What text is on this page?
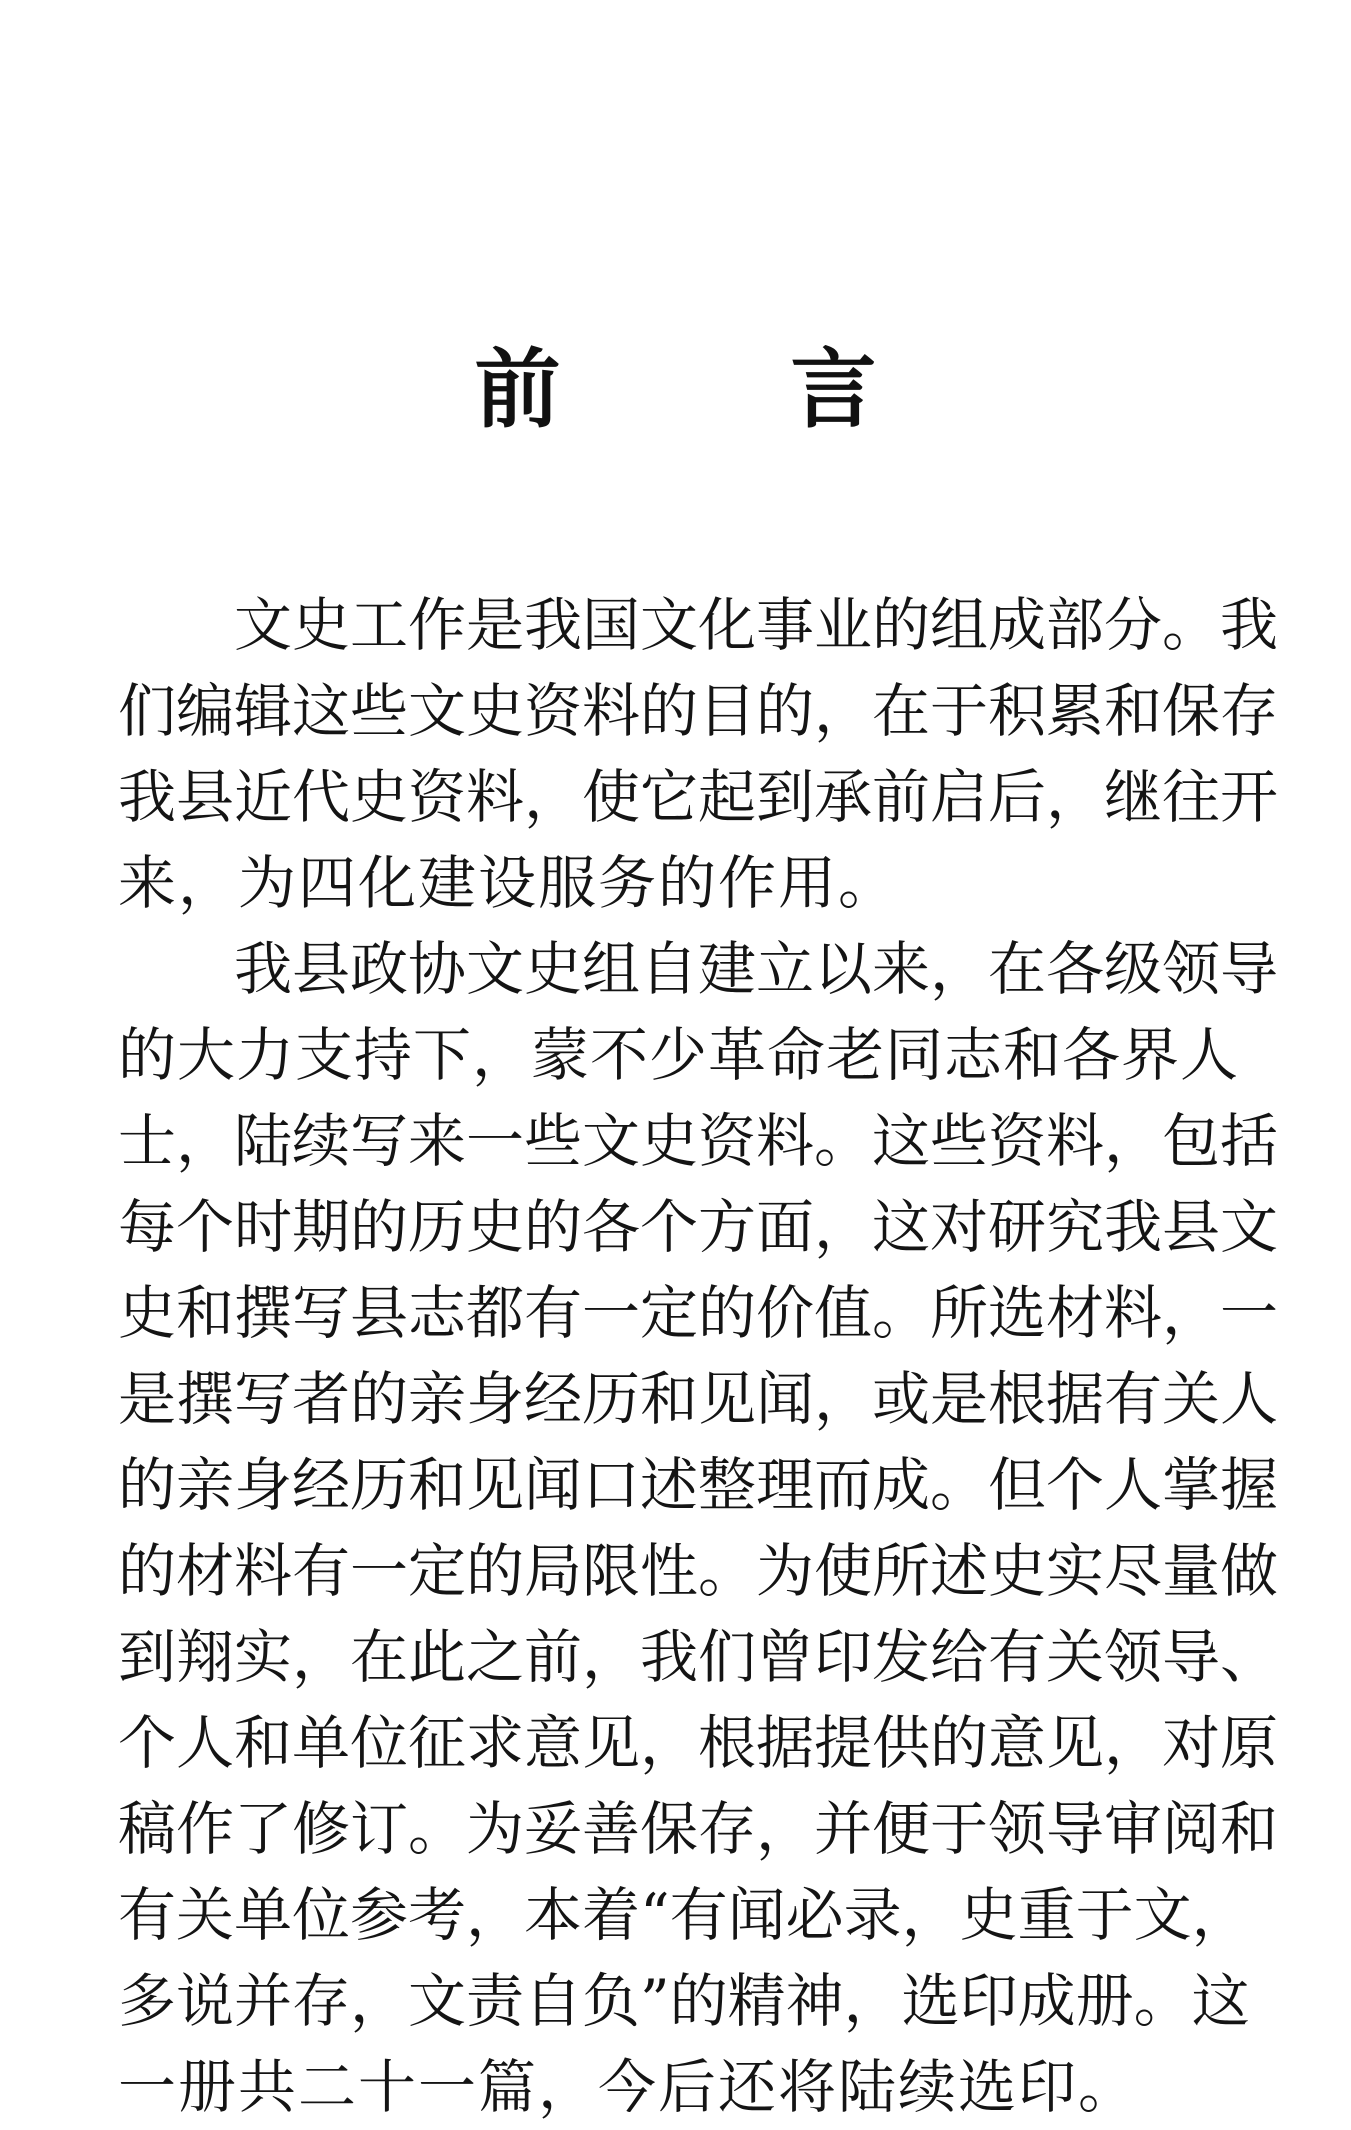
前	言
文史工作是我国文化事业的组成部分。我
们编辑这些文史资料的目的，在于积累和保存
我县近代史资料，使它起到承前启后，继往开
来，为四化建设服务的作用。
我县政协文史组自建立以来，在各级领导
的大力支持下，蒙不少革命老同志和各界人
士，陆续写来一些文史资料。这些资料，包括
每个时期的历史的各个方面，这对研究我县文
史和撰写县志都有一定的价值。所选材料，一
是撰写者的亲身经历和见闻，或是根据有关人
的亲身经历和见闻口述整理而成。但个人掌握
的材料有一定的局限性。为使所述史实尽量做
到翔实，在此之前，我们曾印发给有关领导、
个人和单位征求意见，根据提供的意见，对原
稿作了修订。为妥善保存，并便于领导审阅和
有关单位参考，本着“有闻必录，史重于文，
多说并存，文责自负”的精神，选印成册。这
一册共二十一篇，今后还将陆续选印。
